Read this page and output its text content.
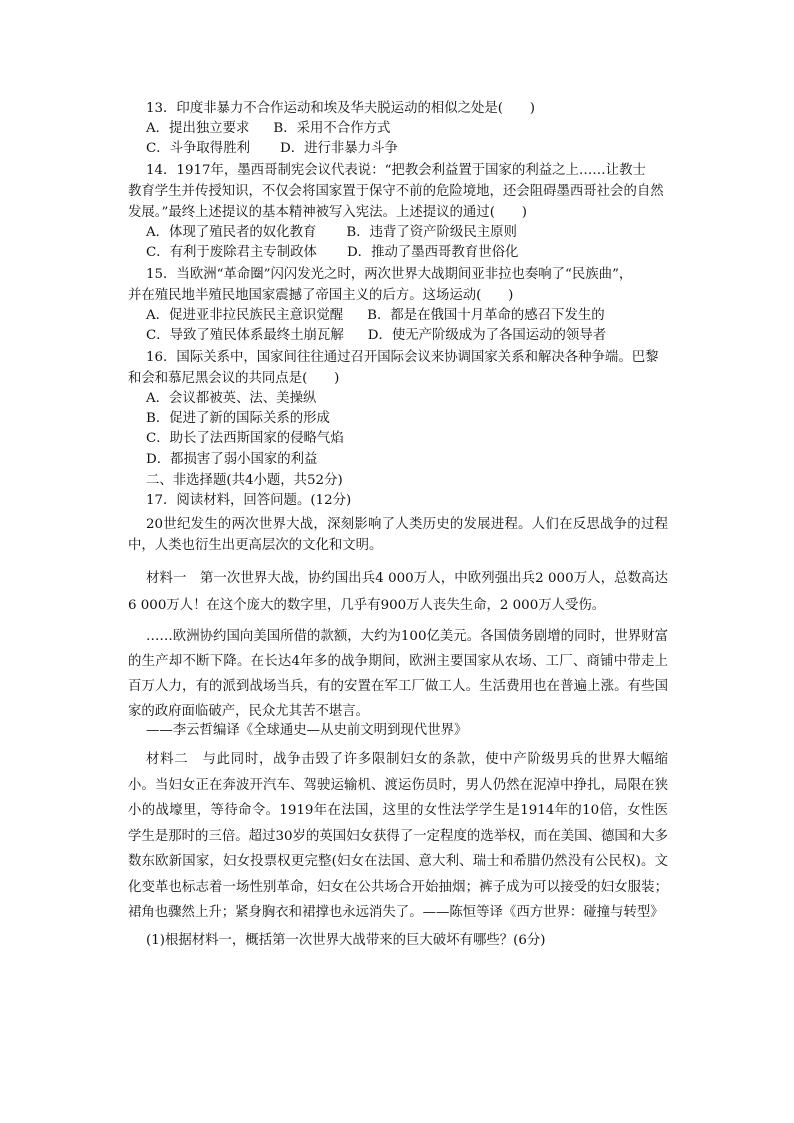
13．印度非暴力不合作运动和埃及华夫脱运动的相似之处是(　　)
A．提出独立要求 B．采用不合作方式
C．斗争取得胜利 D．进行非暴力斗争
14．1917年，墨西哥制宪会议代表说：“把教会利益置于国家的利益之上……让教士
教育学生并传授知识，不仅会将国家置于保守不前的危险境地，还会阻碍墨西哥社会的自然
发展。”最终上述提议的基本精神被写入宪法。上述提议的通过(　　)
A．体现了殖民者的奴化教育 B．违背了资产阶级民主原则
C．有利于废除君主专制政体 D．推动了墨西哥教育世俗化
15．当欧洲“革命圈”闪闪发光之时，两次世界大战期间亚非拉也奏响了“民族曲”，
并在殖民地半殖民地国家震撼了帝国主义的后方。这场运动(　　)
A．促进亚非拉民族民主意识觉醒 B．都是在俄国十月革命的感召下发生的
C．导致了殖民体系最终土崩瓦解 D．使无产阶级成为了各国运动的领导者
16．国际关系中，国家间往往通过召开国际会议来协调国家关系和解决各种争端。巴黎
和会和慕尼黑会议的共同点是(　　)
A．会议都被英、法、美操纵
B．促进了新的国际关系的形成
C．助长了法西斯国家的侵略气焰
D．都损害了弱小国家的利益
二、非选择题(共4小题，共52分)
17．阅读材料，回答问题。(12分)
20世纪发生的两次世界大战，深刻影响了人类历史的发展进程。人们在反思战争的过程中，人类也衍生出更高层次的文化和文明。
材料一　第一次世界大战，协约国出兵4 000万人，中欧列强出兵2 000万人，总数高达6 000万人！在这个庞大的数字里，几乎有900万人丧失生命，2 000万人受伤。
……欧洲协约国向美国所借的款额，大约为100亿美元。各国债务剧增的同时，世界财富的生产却不断下降。在长达4年多的战争期间，欧洲主要国家从农场、工厂、商铺中带走上百万人力，有的派到战场当兵，有的安置在军工厂做工人。生活费用也在普遍上涨。有些国家的政府面临破产，民众尤其苦不堪言。
——李云哲编译《全球通史—从史前文明到现代世界》
材料二　与此同时，战争击毁了许多限制妇女的条款，使中产阶级男兵的世界大幅缩小。当妇女正在奔波开汽车、驾驶运输机、渡运伤员时，男人仍然在泥淖中挣扎，局限在狭小的战壕里，等待命令。1919年在法国，这里的女性法学学生是1914年的10倍，女性医学生是那时的三倍。超过30岁的英国妇女获得了一定程度的选举权，而在美国、德国和大多数东欧新国家，妇女投票权更完整(妇女在法国、意大利、瑞士和希腊仍然没有公民权)。文化变革也标志着一场性别革命，妇女在公共场合开始抽烟；裤子成为可以接受的妇女服装；裙角也骤然上升；紧身胸衣和裙撑也永远消失了。——陈恒等译《西方世界：碰撞与转型》
(1)根据材料一，概括第一次世界大战带来的巨大破坏有哪些？(6分)
